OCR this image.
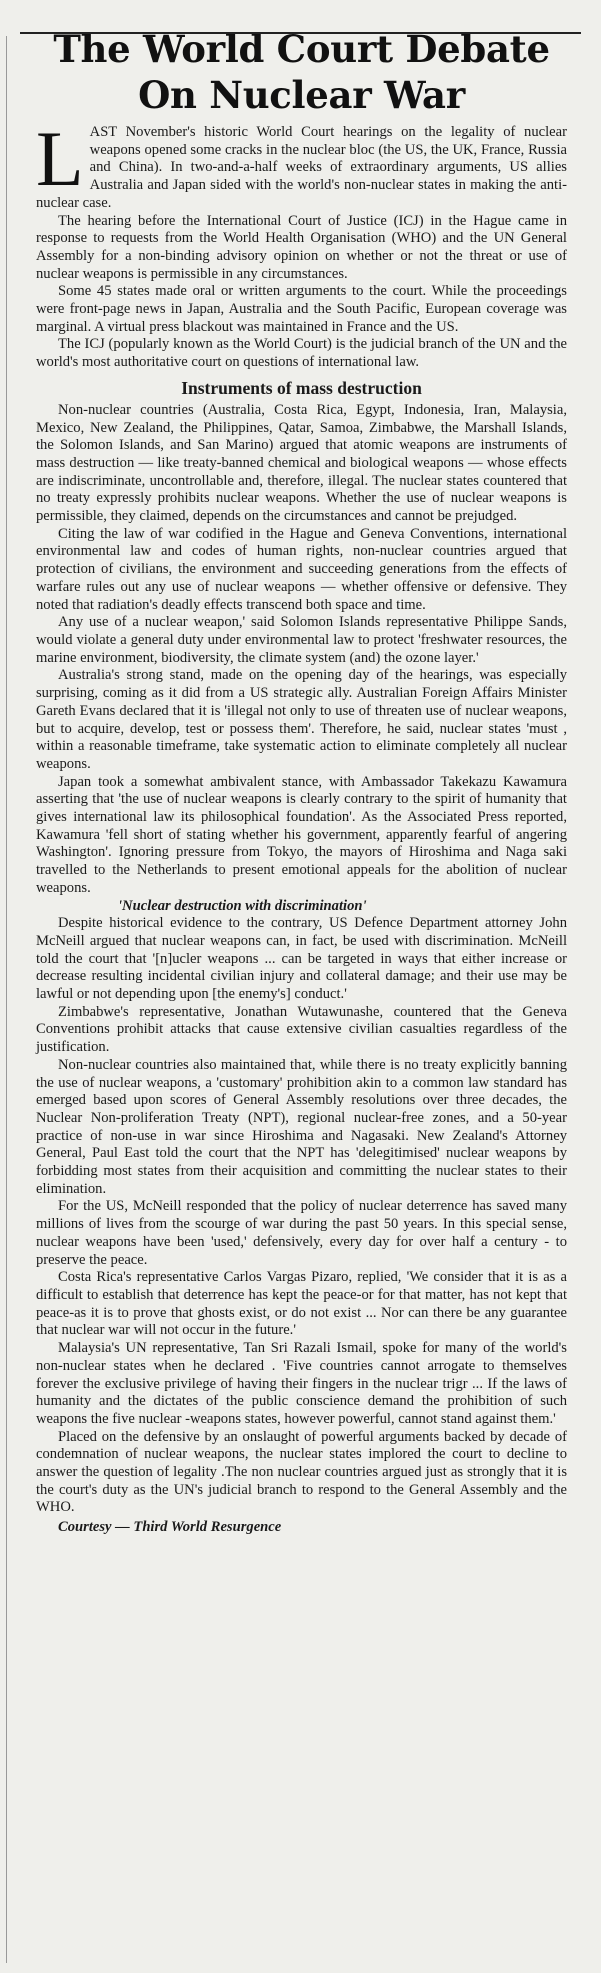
The World Court Debate On Nuclear War

LAST November's historic World Court hearings on the legality of nuclear weapons opened some cracks in the nuclear bloc (the US, the UK, France, Russia and China). In two-and-a-half weeks of extraordinary arguments, US allies Australia and Japan sided with the world's non-nuclear states in making the anti-nuclear case.

The hearing before the International Court of Justice (ICJ) in the Hague came in response to requests from the World Health Organisation (WHO) and the UN General Assembly for a non-binding advisory opinion on whether or not the threat or use of nuclear weapons is permissible in any circumstances.

Some 45 states made oral or written arguments to the court. While the proceedings were front-page news in Japan, Australia and the South Pacific, European coverage was marginal. A virtual press blackout was maintained in France and the US.

The ICJ (popularly known as the World Court) is the judicial branch of the UN and the world's most authoritative court on questions of international law.

Instruments of mass destruction

Non-nuclear countries (Australia, Costa Rica, Egypt, Indonesia, Iran, Malaysia, Mexico, New Zealand, the Philippines, Qatar, Samoa, Zimbabwe, the Marshall Islands, the Solomon Islands, and San Marino) argued that atomic weapons are instruments of mass destruction — like treaty-banned chemical and biological weapons — whose effects are indiscriminate, uncontrollable and, therefore, illegal. The nuclear states countered that no treaty expressly prohibits nuclear weapons. Whether the use of nuclear weapons is permissible, they claimed, depends on the circumstances and cannot be prejudged.

Citing the law of war codified in the Hague and Geneva Conventions, international environmental law and codes of human rights, non-nuclear countries argued that protection of civilians, the environment and succeeding generations from the effects of warfare rules out any use of nuclear weapons — whether offensive or defensive. They noted that radiation's deadly effects transcend both space and time.

Any use of a nuclear weapon,' said Solomon Islands representative Philippe Sands, would violate a general duty under environmental law to protect 'freshwater resources, the marine environment, biodiversity, the climate system (and) the ozone layer.'

Australia's strong stand, made on the opening day of the hearings, was especially surprising, coming as it did from a US strategic ally. Australian Foreign Affairs Minister Gareth Evans declared that it is 'illegal not only to use of threaten use of nuclear weapons, but to acquire, develop, test or possess them'. Therefore, he said, nuclear states 'must , within a reasonable timeframe, take systematic action to eliminate completely all nuclear weapons.

Japan took a somewhat ambivalent stance, with Ambassador Takekazu Kawamura asserting that 'the use of nuclear weapons is clearly contrary to the spirit of humanity that gives international law its philosophical foundation'. As the Associated Press reported, Kawamura 'fell short of stating whether his government, apparently fearful of angering Washington'. Ignoring pressure from Tokyo, the mayors of Hiroshima and Naga saki travelled to the Netherlands to present emotional appeals for the abolition of nuclear weapons.

'Nuclear destruction with discrimination'

Despite historical evidence to the contrary, US Defence Department attorney John McNeill argued that nuclear weapons can, in fact, be used with discrimination. McNeill told the court that '[n]ucler weapons ... can be targeted in ways that either increase or decrease resulting incidental civilian injury and collateral damage; and their use may be lawful or not depending upon [the enemy's] conduct.'

Zimbabwe's representative, Jonathan Wutawunashe, countered that the Geneva Conventions prohibit attacks that cause extensive civilian casualties regardless of the justification.

Non-nuclear countries also maintained that, while there is no treaty explicitly banning the use of nuclear weapons, a 'customary' prohibition akin to a common law standard has emerged based upon scores of General Assembly resolutions over three decades, the Nuclear Non-proliferation Treaty (NPT), regional nuclear-free zones, and a 50-year practice of non-use in war since Hiroshima and Nagasaki. New Zealand's Attorney General, Paul East told the court that the NPT has 'delegitimised' nuclear weapons by forbidding most states from their acquisition and committing the nuclear states to their elimination.

For the US, McNeill responded that the policy of nuclear deterrence has saved many millions of lives from the scourge of war during the past 50 years. In this special sense, nuclear weapons have been 'used,' defensively, every day for over half a century - to preserve the peace.

Costa Rica's representative Carlos Vargas Pizaro, replied, 'We consider that it is as a difficult to establish that deterrence has kept the peace-or for that matter, has not kept that peace-as it is to prove that ghosts exist, or do not exist ... Nor can there be any guarantee that nuclear war will not occur in the future.'

Malaysia's UN representative, Tan Sri Razali Ismail, spoke for many of the world's non-nuclear states when he declared . 'Five countries cannot arrogate to themselves forever the exclusive privilege of having their fingers in the nuclear trigr ... If the laws of humanity and the dictates of the public conscience demand the prohibition of such weapons the five nuclear -weapons states, however powerful, cannot stand against them.'

Placed on the defensive by an onslaught of powerful arguments backed by decade of condemnation of nuclear weapons, the nuclear states implored the court to decline to answer the question of legality .The non nuclear countries argued just as strongly that it is the court's duty as the UN's judicial branch to respond to the General Assembly and the WHO.

Courtesy — Third World Resurgence
